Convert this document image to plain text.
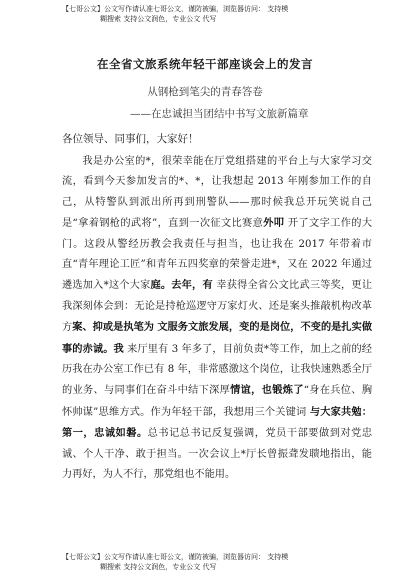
【七哥公文】公文写作请认准七哥公文，谨防被骗，浏览器访问： 支持模
糊搜索 支持公文润色，专业公文 代写
在全省文旅系统年轻干部座谈会上的发言
从钢枪到笔尖的青春答卷
——在忠诚担当团结中书写文旅新篇章
各位领导、同事们，大家好！

我是办公室的*，很荣幸能在厅党组搭建的平台上与大家学习交流，看到今天参加发言的*、*，让我想起 2013 年刚参加工作的自己，从特警队到派出所再到刑警队——那时候我总开玩笑说自己是“拿着钢枪的武将”，直到一次征文比赛意外叩 开了文字工作的大门。这段从警经历教会我责任与担当，也让我在 2017 年带着市直“青年理论工匠”和青年五四奖章的荣誉走进*，又在 2022 年通过遴选加入*这个大家庭。去年，有 幸获得全省公文比武三等奖，更让我深刻体会到：无论是持枪巡逻守万家灯火、还是案头推敲机构改革方案、抑或是执笔为 文服务文旅发展，变的是岗位，不变的是扎实做事的赤诚。我 来厅里有 3 年多了，目前负责*等工作，加上之前的经历我在办公室工作已有 8 年，非常感激这个岗位，让我快速熟悉全厅的业务、与同事们在奋斗中结下深厚情谊，也锻炼了“身在兵位、胸怀帅谋”思维方式。作为年轻干部，我想用三个关键词 与大家共勉：第一，忠诚如磐。总书记总书记反复强调，党员干部要做到对党忠诚、个人干净、敢于担当。一次会议上*厅长曾振聋发聩地指出，能力再好，为人不行，那党组也不能用。

【七哥公文】公文写作请认准七哥公文，谨防被骗，浏览器访问： 支持模
糊搜索 支持公文润色，专业公文 代写
